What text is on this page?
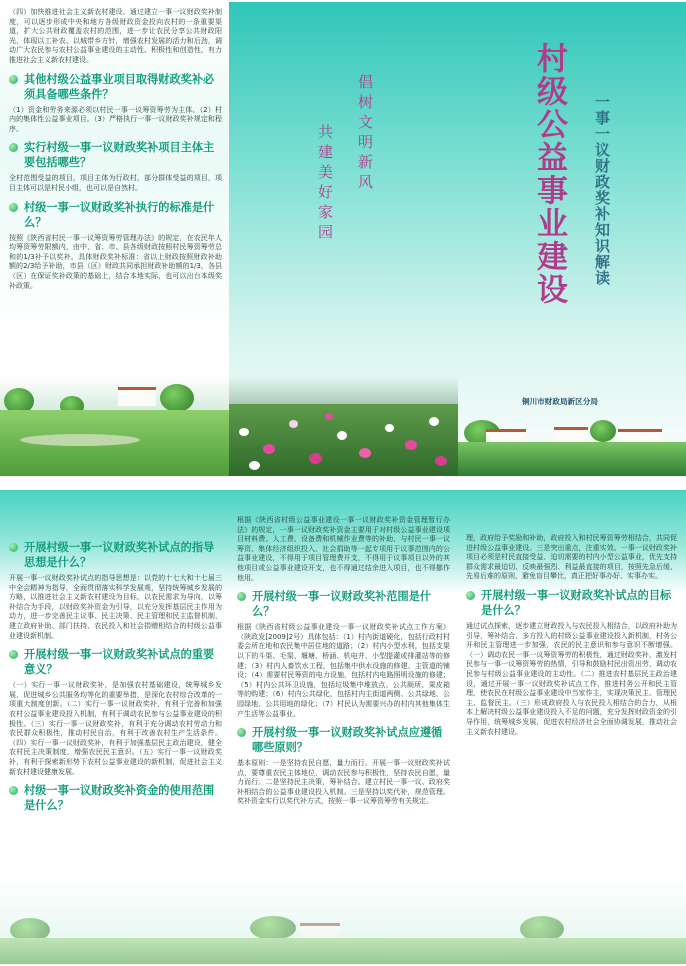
（四）加快推进社会主义新农村建设。通过建立一事一议财政奖补制度，可以逐步形成中央和地方各级财政资金投向农村的一条重要渠道，扩大公共财政覆盖农村的范围，进一步让农民分享公共财政阳光，体现以工补农、以城带乡方针，增强农村发展的活力和后劲，调动广大农民参与农村公益事业建设的主动性、积极性和创造性，有力推进社会主义新农村建设。
其他村级公益事业项目取得财政奖补必须具备哪些条件？
（1）资金和劳务来源必须以村民一事一议筹资筹劳为主体。（2）村内的集体性公益事业项目。（3）严格执行一事一议财政奖补规定和程序。
实行村级一事一议财政奖补项目主体主要包括哪些？
全村范围受益的项目，项目主体为行政村，部分群体受益的项目，项目主体可以是村民小组，也可以是自然村。
村级一事一议财政奖补执行的标准是什么？
按照《陕西省村民一事一议筹资筹劳管理办法》的规定，在农民年人均筹资筹劳限额内，由中、省、市、县各级财政按照村民筹资筹劳总和的1/3补予以奖补。具体财政奖补标准：省以上财政按照财政补助额的2/3给予补助，市县（区）财政共同承担财政补助额的1/3，各县（区）在保证奖补政策的基础上，结合本地实际，也可以出台本级奖补政策。
倡树文明新风
共建美好家园	村级公益事业建设 一事一议财政奖补知识解读
铜川市财政局新区分局
开展村级一事一议财政奖补试点的指导思想是什么？
开展一事一议财政奖补试点的指导思想是：以党的十七大和十七届三中全会精神为指导，全面贯彻落实科学发展观，坚持统筹城乡发展的方略，以推进社会主义新农村建设为目标，以农民需求为导向，以筹补结合为手段，以财政奖补资金为引导，以充分发挥基层民主作用为动力，进一步完善民主议事、民主决策、民主管理和民主监督机制，建立政府补助、部门扶持、农民投入和社会捐赠相结合的村级公益事业建设新机制。
开展村级一事一议财政奖补试点的重要意义？
（一）实行一事一议财政奖补，是加强农村基础建设，统筹城乡发展，促进城乡公共服务均等化的重要举措，是深化农村综合改革的一项重大制度创新。（二）实行一事一议财政奖补，有利于完善和加强农村公益事业建设投入机制，有利于调动农民参与公益事业建设的积极性。（三）实行一事一议财政奖补，有利于充分调动农村劳动力和农民群众积极性，推动村民自治，有利于改善农村生产生活条件。（四）实行一事一议财政奖补，有利于加强基层民主政治建设，健全农村民主决策制度，增强农民民主意识。（五）实行一事一议财政奖补，有利于探索新形势下农村公益事业建设的新机制，促进社会主义新农村建设健康发展。
村级一事一议财政奖补资金的使用范围是什么？
根据《陕西省村级公益事业建设一事一议财政奖补资金管理暂行办法》的规定，一事一议财政奖补资金主要用于对村级公益事业建设项目材料费、人工费、设备费和机械作业费等的补助，与村民一事一议筹资、集体经济组织投入、社会捐助等一起专项用于议事范围内的公益事业建设，不得用于项目管理费开支，不得用于议事项目以外的其他项目或公益事业建设开支，也不得通过结余进入项目，也不得挪作他用。
开展村级一事一议财政奖补范围是什么？
根据《陕西省村级公益事业建设一事一议财政奖补试点工作方案》（陕政发[2009]2号）具体包括：（1）村内街道硬化，包括行政村村委会所在地和农民集中居住地的道路；（2）村内小型水利，包括支渠以下的斗渠、毛渠、堰塘、桥涵、机电井、小型提灌或排灌站等的修建；（3）村内人畜饮水工程，包括集中供水设施的修建、主管道的铺设；（4）需要村民筹资的电力设施，包括村内电路照明设施的修建；（5）村内公共环卫设施，包括垃圾集中堆放点、公共厕所、果皮箱等的购建；（6）村内公共绿化，包括村内主街道两侧、公共绿地、公园绿地、公共用地的绿化；（7）村民认为需要兴办的村内其他集体生产生活等公益事业。
开展村级一事一议财政奖补试点应遵循哪些原则？
基本原则：一是坚持农民自愿，量力而行。开展一事一议财政奖补试点，要尊重农民主体地位，调动农民参与积极性，坚持农民自愿，量力而行。二是坚持民主决策，筹补结合。建立村民一事一议、政府奖补相结合的公益事业建设投入机制。三是坚持以奖代补，规范管理。奖补资金实行以奖代补方式，按照一事一议筹资筹劳有关规定。
理，政府给予奖励和补助，政府投入和村民筹资筹劳相结合，共同促进村级公益事业建设。三是突出重点，注重实效。一事一议财政奖补项目必须是村民直接受益、迫切需要的村内小型公益事业，优先支持群众需求最迫切、反映最强烈、利益最直接的项目，按照先急后缓、先易后难的原则，避免盲目攀比，真正把好事办好、实事办实。
开展村级一事一议财政奖补试点的目标是什么？
通过试点探索，逐步建立财政投入与农民投入相结合，以政府补助为引导，筹补结合、多方投入的村级公益事业建设投入新机制，村务公开和民主管理进一步加强，农民的民主意识和参与意识不断增强。（一）调动农民一事一议筹资筹劳的积极性，通过财政奖补，激发村民参与一事一议筹资筹劳的热情，引导和鼓励村民出资出劳，调动农民参与村级公益事业建设的主动性。（二）推进农村基层民主政治建设，通过开展一事一议财政奖补试点工作，推进村务公开和民主管理，使农民在村级公益事业建设中当家作主，实现决策民主、管理民主、监督民主。（三）形成政府投入与农民投入相结合的合力，从根本上解决村级公益事业建设投入不足的问题，充分发挥财政资金的引导作用，统筹城乡发展，促进农村经济社会全面协调发展，推动社会主义新农村建设。
